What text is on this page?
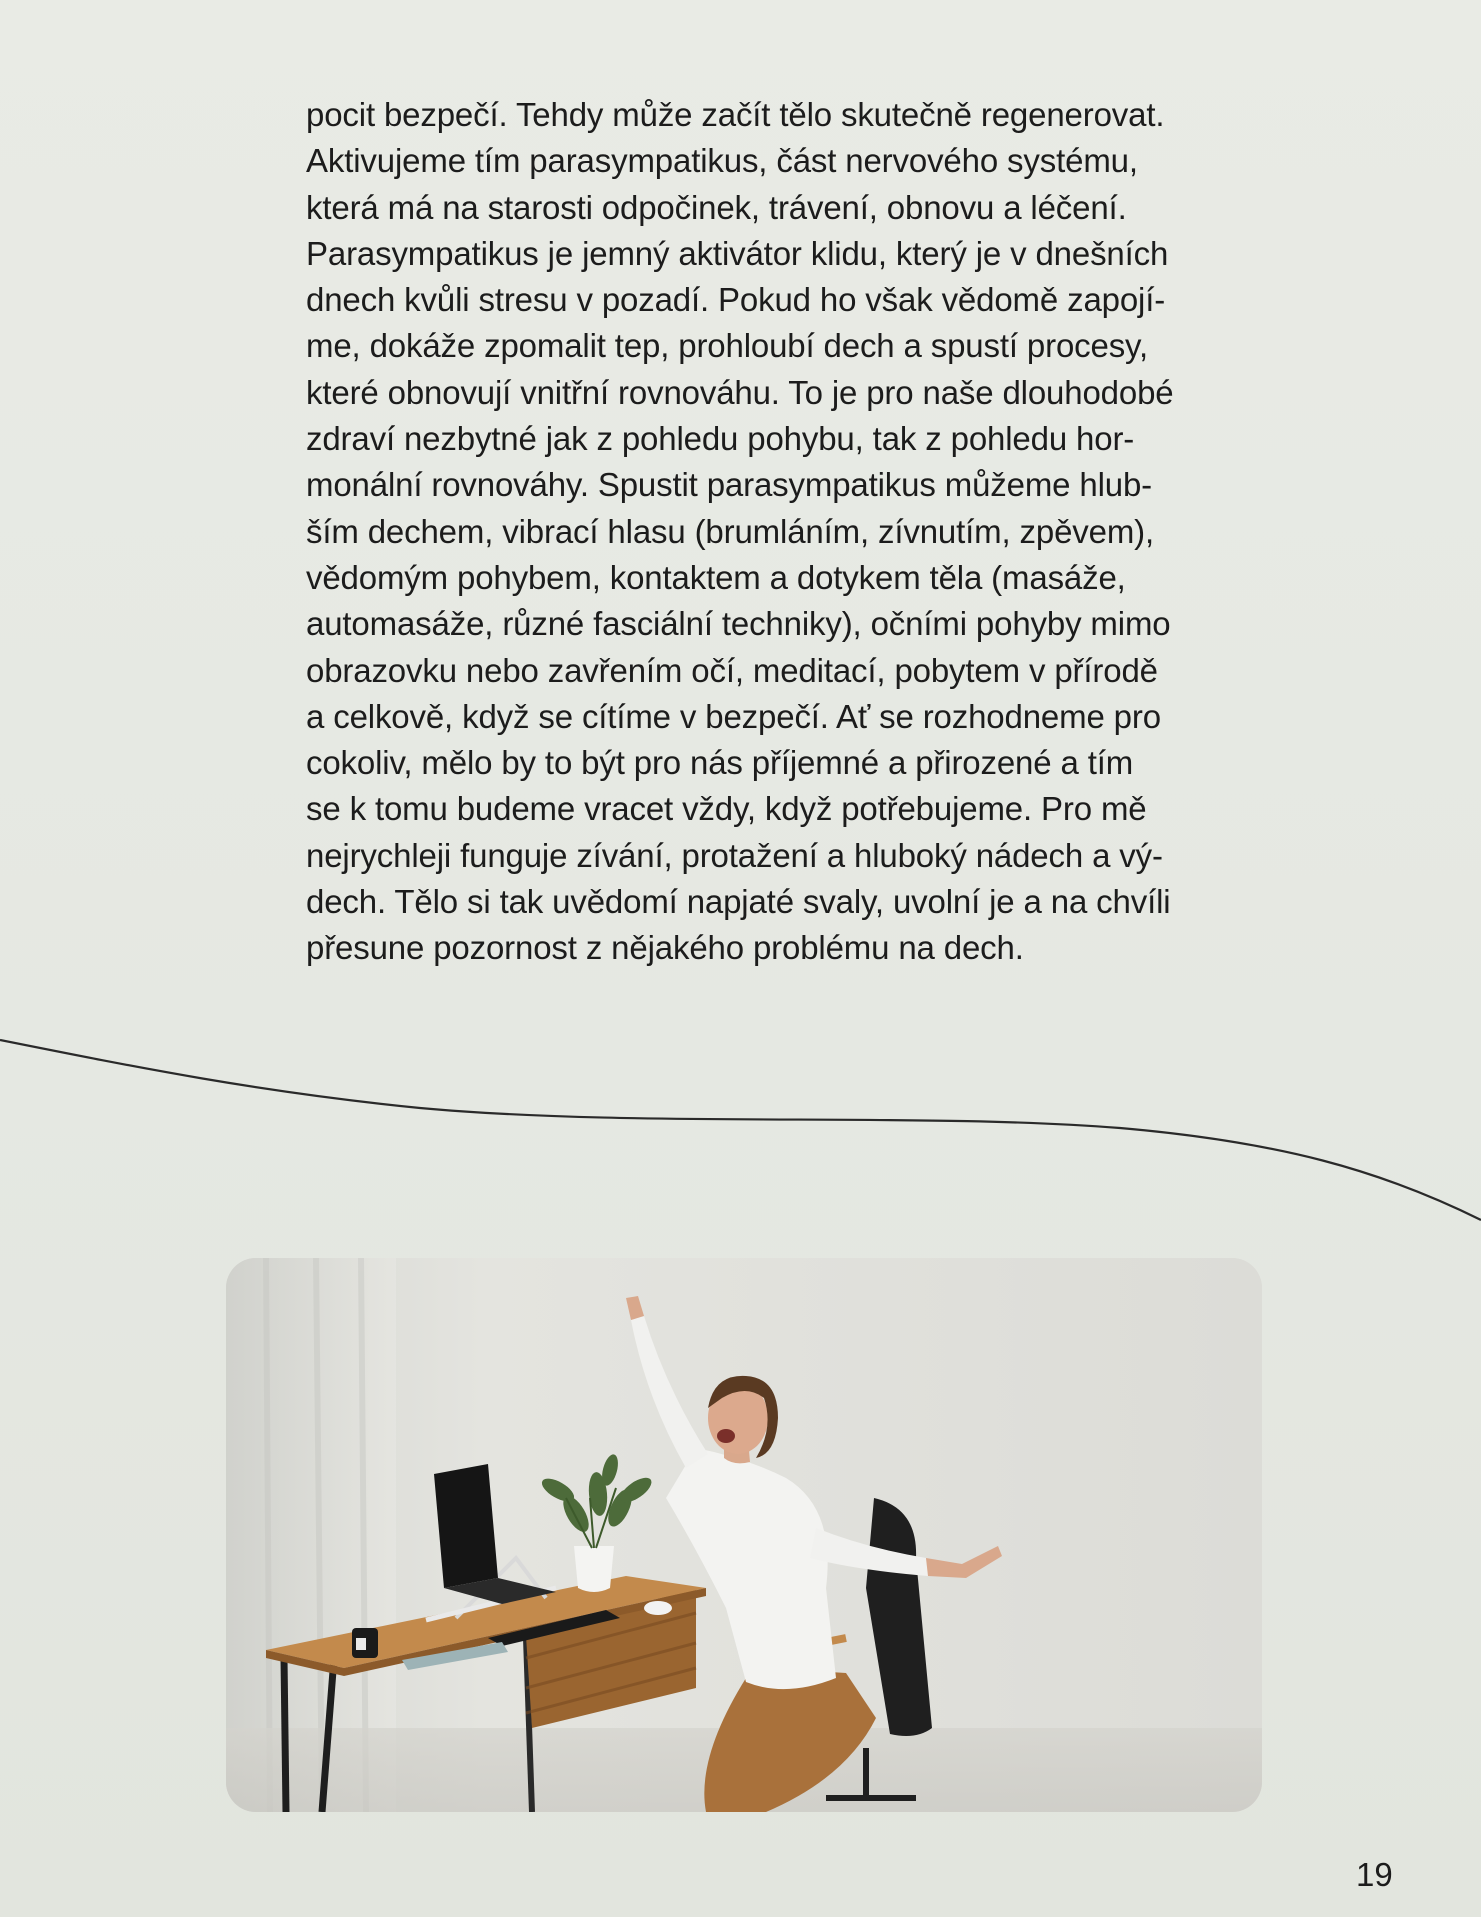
pocit bezpečí. Tehdy může začít tělo skutečně regenerovat.
Aktivujeme tím parasympatikus, část nervového systému,
která má na starosti odpočinek, trávení, obnovu a léčení.
Parasympatikus je jemný aktivátor klidu, který je v dnešních
dnech kvůli stresu v pozadí. Pokud ho však vědomě zapojí-
me, dokáže zpomalit tep, prohloubí dech a spustí procesy,
které obnovují vnitřní rovnováhu. To je pro naše dlouhodobé
zdraví nezbytné jak z pohledu pohybu, tak z pohledu hor-
monální rovnováhy. Spustit parasympatikus můžeme hlub-
ším dechem, vibrací hlasu (brumláním, zívnutím, zpěvem),
vědomým pohybem, kontaktem a dotykem těla (masáže,
automasáže, různé fasciální techniky), očními pohyby mimo
obrazovku nebo zavřením očí, meditací, pobytem v přírodě
a celkově, když se cítíme v bezpečí. Ať se rozhodneme pro
cokoliv, mělo by to být pro nás příjemné a přirozené a tím
se k tomu budeme vracet vždy, když potřebujeme. Pro mě
nejrychleji funguje zívání, protažení a hluboký nádech a vý-
dech. Tělo si tak uvědomí napjaté svaly, uvolní je a na chvíli
přesune pozornost z nějakého problému na dech.
19
